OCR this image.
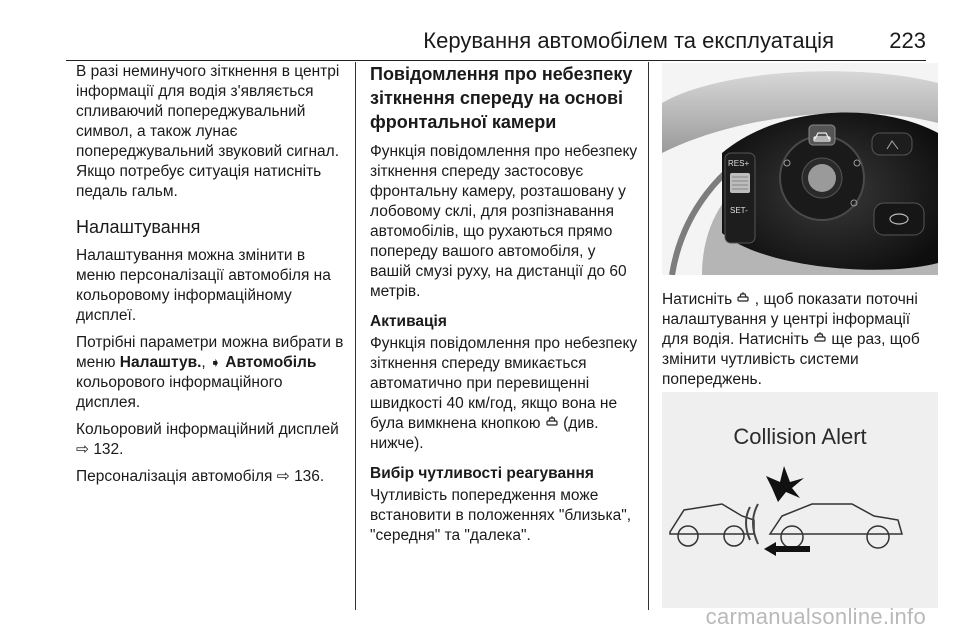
Керування автомобілем та експлуатація	223

В разі неминучого зіткнення в центрі інформації для водія з'являється спливаючий попереджувальний символ, а також лунає попереджувальний звуковий сигнал. Якщо потребує ситуація натисніть педаль гальм.

Налаштування

Налаштування можна змінити в меню персоналізації автомобіля на кольоровому інформаційному дисплеї.

Потрібні параметри можна вибрати в меню Налаштув., ➧ Автомобіль кольорового інформаційного дисплея.

Кольоровий інформаційний дисплей ⇨ 132.

Персоналізація автомобіля ⇨ 136.

Повідомлення про небезпеку зіткнення спереду на основі фронтальної камери

Функція повідомлення про небезпеку зіткнення спереду застосовує фронтальну камеру, розташовану у лобовому склі, для розпізнавання автомобілів, що рухаються прямо попереду вашого автомобіля, у вашій смузі руху, на дистанції до 60 метрів.

Активація

Функція повідомлення про небезпеку зіткнення спереду вмикається автоматично при перевищенні швидкості 40 км/год, якщо вона не була вимкнена кнопкою (див. нижче).

Вибір чутливості реагування

Чутливість попередження може встановити в положеннях "близька", "середня" та "далека".

RES+
SET-

Натисніть , щоб показати поточні налаштування у центрі інформації для водія. Натисніть ще раз, щоб змінити чутливість системи попереджень.

Collision Alert
carmanualsonline.info
